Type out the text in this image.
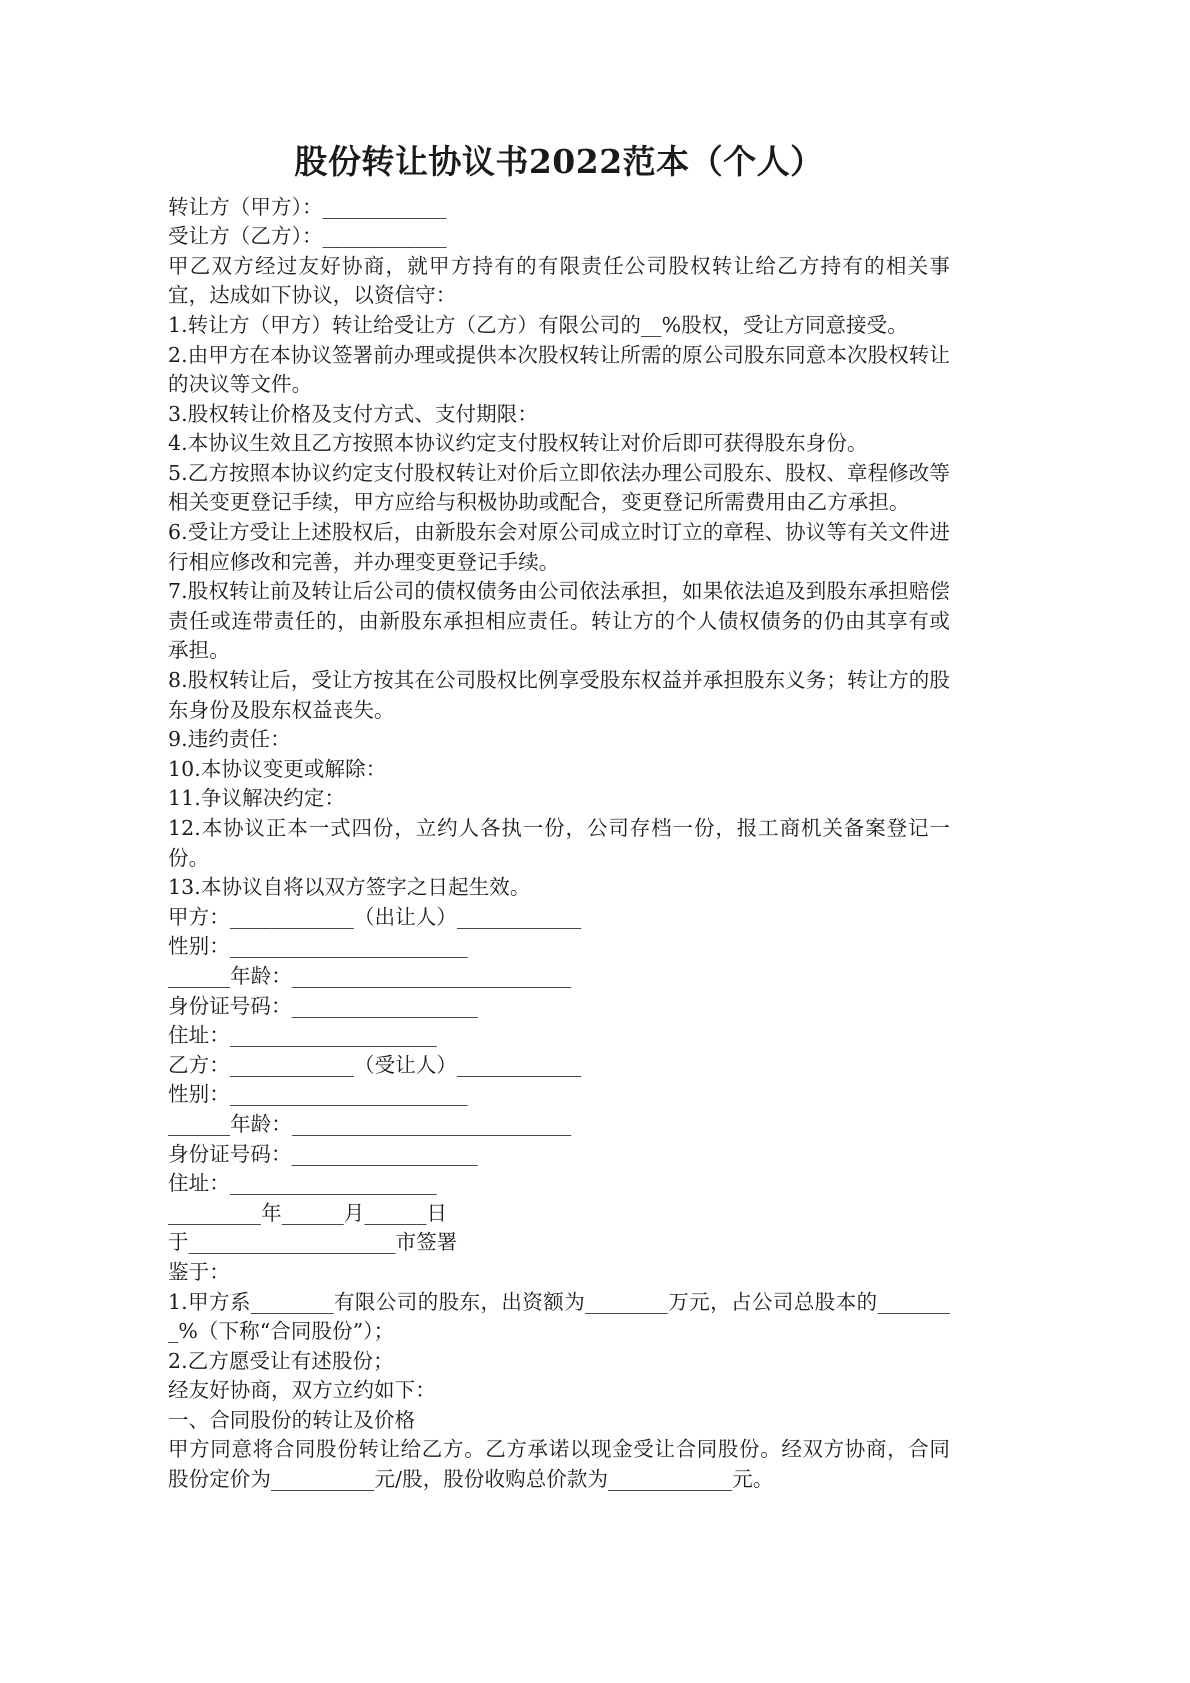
股份转让协议书2022范本（个人）

转让方（甲方）：____________

受让方（乙方）：____________

甲乙双方经过友好协商，就甲方持有的有限责任公司股权转让给乙方持有的相关事宜，达成如下协议，以资信守：

1.转让方（甲方）转让给受让方（乙方）有限公司的__%股权，受让方同意接受。

2.由甲方在本协议签署前办理或提供本次股权转让所需的原公司股东同意本次股权转让的决议等文件。

3.股权转让价格及支付方式、支付期限：

4.本协议生效且乙方按照本协议约定支付股权转让对价后即可获得股东身份。

5.乙方按照本协议约定支付股权转让对价后立即依法办理公司股东、股权、章程修改等相关变更登记手续，甲方应给与积极协助或配合，变更登记所需费用由乙方承担。

6.受让方受让上述股权后，由新股东会对原公司成立时订立的章程、协议等有关文件进行相应修改和完善，并办理变更登记手续。

7.股权转让前及转让后公司的债权债务由公司依法承担，如果依法追及到股东承担赔偿责任或连带责任的，由新股东承担相应责任。转让方的个人债权债务的仍由其享有或承担。

8.股权转让后，受让方按其在公司股权比例享受股东权益并承担股东义务；转让方的股东身份及股东权益丧失。

9.违约责任：

10.本协议变更或解除：

11.争议解决约定：

12.本协议正本一式四份，立约人各执一份，公司存档一份，报工商机关备案登记一份。

13.本协议自将以双方签字之日起生效。

甲方：____________（出让人）____________

性别：_______________________

______年龄：___________________________

身份证号码：__________________

住址：____________________

乙方：____________（受让人）____________

性别：_______________________

______年龄：___________________________

身份证号码：__________________

住址：____________________

_________年______月______日

于____________________市签署

鉴于：

1.甲方系________有限公司的股东，出资额为________万元，占公司总股本的________%（下称“合同股份”）；

2.乙方愿受让有述股份；

经友好协商，双方立约如下：

一、合同股份的转让及价格

甲方同意将合同股份转让给乙方。乙方承诺以现金受让合同股份。经双方协商，合同股份定价为__________元/股，股份收购总价款为____________元。
